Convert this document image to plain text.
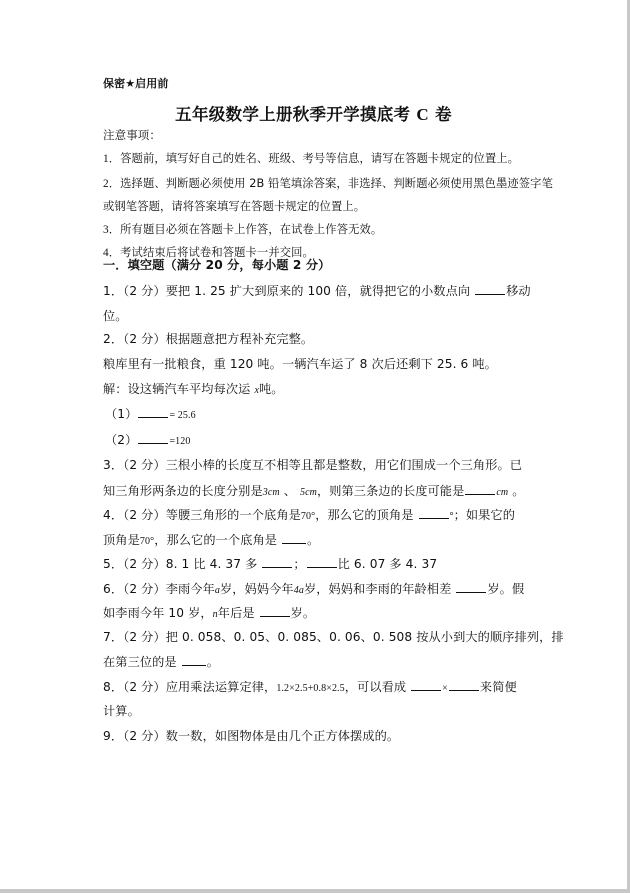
保密★启用前
五年级数学上册秋季开学摸底考 C 卷
注意事项：
1．答题前，填写好自己的姓名、班级、考号等信息，请写在答题卡规定的位置上。
2．选择题、判断题必须使用 2B 铅笔填涂答案，非选择、判断题必须使用黑色墨迹签字笔
或钢笔答题，请将答案填写在答题卡规定的位置上。
3．所有题目必须在答题卡上作答，在试卷上作答无效。
4．考试结束后将试卷和答题卡一并交回。
一．填空题（满分 20 分，每小题 2 分）
1．（2 分）要把 1. 25 扩大到原来的 100 倍，就得把它的小数点向	移动
位。
2．（2 分）根据题意把方程补充完整。
粮库里有一批粮食，重 120 吨。一辆汽车运了 8 次后还剩下 25. 6 吨。
解：设这辆汽车平均每次运 x吨。
（1）	= 25.6
（2）	=120
3．（2 分）三根小棒的长度互不相等且都是整数，用它们围成一个三角形。已
知三角形两条边的长度分别是3cm 、 5cm，则第三条边的长度可能是	cm 。
4．（2 分）等腰三角形的一个底角是70°，那么它的顶角是	°；如果它的
顶角是70°，那么它的一个底角是 。
5．（2 分）8. 1 比 4. 37 多	；	比 6. 07 多 4. 37
6．（2 分）李雨今年a岁，妈妈今年4a岁，妈妈和李雨的年龄相差	岁。假
如李雨今年 10 岁，n年后是	岁。
7．（2 分）把 0. 058、0. 05、0. 085、0. 06、0. 508 按从小到大的顺序排列，排
在第三位的是 。
8．（2 分）应用乘法运算定律，1.2×2.5+0.8×2.5，可以看成	×	来简便
计算。
9．（2 分）数一数，如图物体是由几个正方体摆成的。
